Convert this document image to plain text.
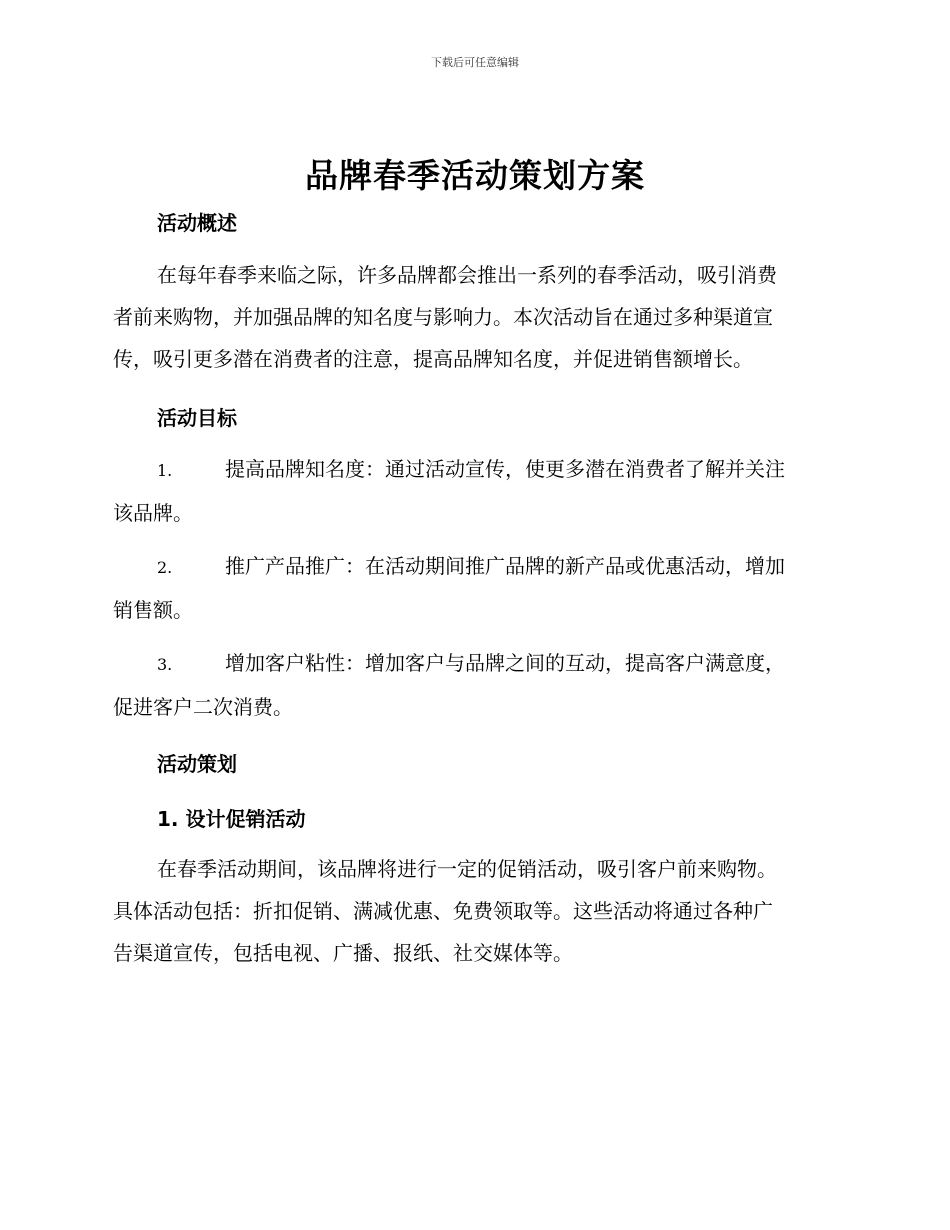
下载后可任意编辑
品牌春季活动策划方案
活动概述
在每年春季来临之际，许多品牌都会推出一系列的春季活动，吸引消费
者前来购物，并加强品牌的知名度与影响力。本次活动旨在通过多种渠道宣
传，吸引更多潜在消费者的注意，提高品牌知名度，并促进销售额增长。
活动目标
1.	提高品牌知名度：通过活动宣传，使更多潜在消费者了解并关注
该品牌。
2.	推广产品推广：在活动期间推广品牌的新产品或优惠活动，增加
销售额。
3.	增加客户粘性：增加客户与品牌之间的互动，提高客户满意度，
促进客户二次消费。
活动策划
1. 设计促销活动
在春季活动期间，该品牌将进行一定的促销活动，吸引客户前来购物。
具体活动包括：折扣促销、满减优惠、免费领取等。这些活动将通过各种广
告渠道宣传，包括电视、广播、报纸、社交媒体等。
